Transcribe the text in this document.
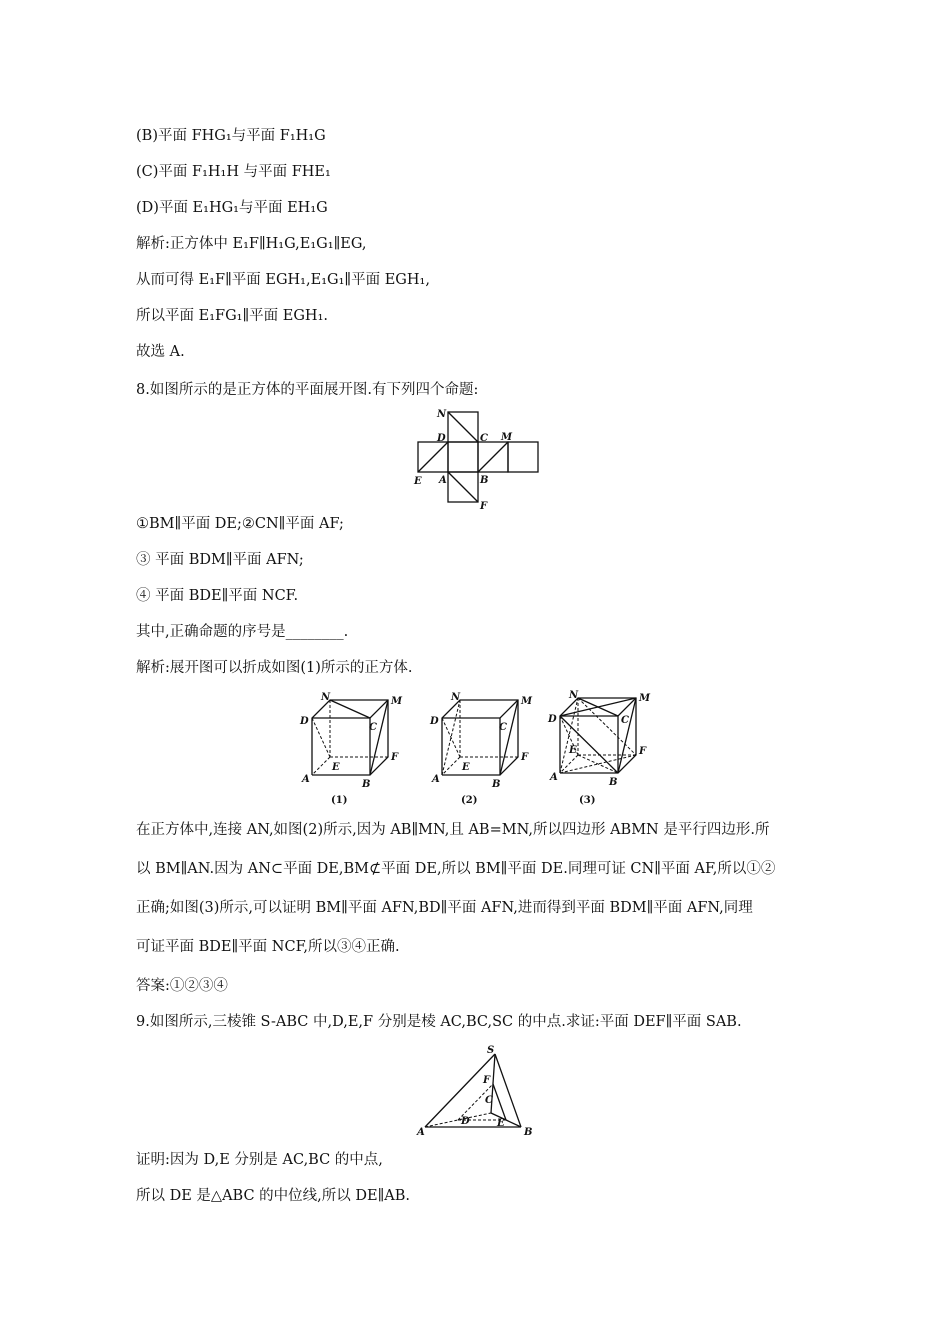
(B)平面 FHG₁与平面 F₁H₁G
(C)平面 F₁H₁H 与平面 FHE₁
(D)平面 E₁HG₁与平面 EH₁G
解析:正方体中 E₁F∥H₁G,E₁G₁∥EG,
从而可得 E₁F∥平面 EGH₁,E₁G₁∥平面 EGH₁,
所以平面 E₁FG₁∥平面 EGH₁.
故选 A.
8.如图所示的是正方体的平面展开图.有下列四个命题:
N
D	C M
E A	B
F
①BM∥平面 DE;②CN∥平面 AF;
③ 平面 BDM∥平面 AFN;
④ 平面 BDE∥平面 NCF.
其中,正确命题的序号是________.
解析:展开图可以折成如图(1)所示的正方体.
N	M
D
C
E
F
A	B
(1)
N	M
D
C
E
F
A	B
(2)
N	M
D	C
E	F
A	B
(3)
在正方体中,连接 AN,如图(2)所示,因为 AB∥MN,且 AB=MN,所以四边形 ABMN 是平行四边形.所
以 BM∥AN.因为 AN⊂平面 DE,BM⊄平面 DE,所以 BM∥平面 DE.同理可证 CN∥平面 AF,所以①②
正确;如图(3)所示,可以证明 BM∥平面 AFN,BD∥平面 AFN,进而得到平面 BDM∥平面 AFN,同理
可证平面 BDE∥平面 NCF,所以③④正确.
答案:①②③④
9.如图所示,三棱锥 S-ABC 中,D,E,F 分别是棱 AC,BC,SC 的中点.求证:平面 DEF∥平面 SAB.
S
F
C
D	E
A	B
证明:因为 D,E 分别是 AC,BC 的中点,
所以 DE 是△ABC 的中位线,所以 DE∥AB.
